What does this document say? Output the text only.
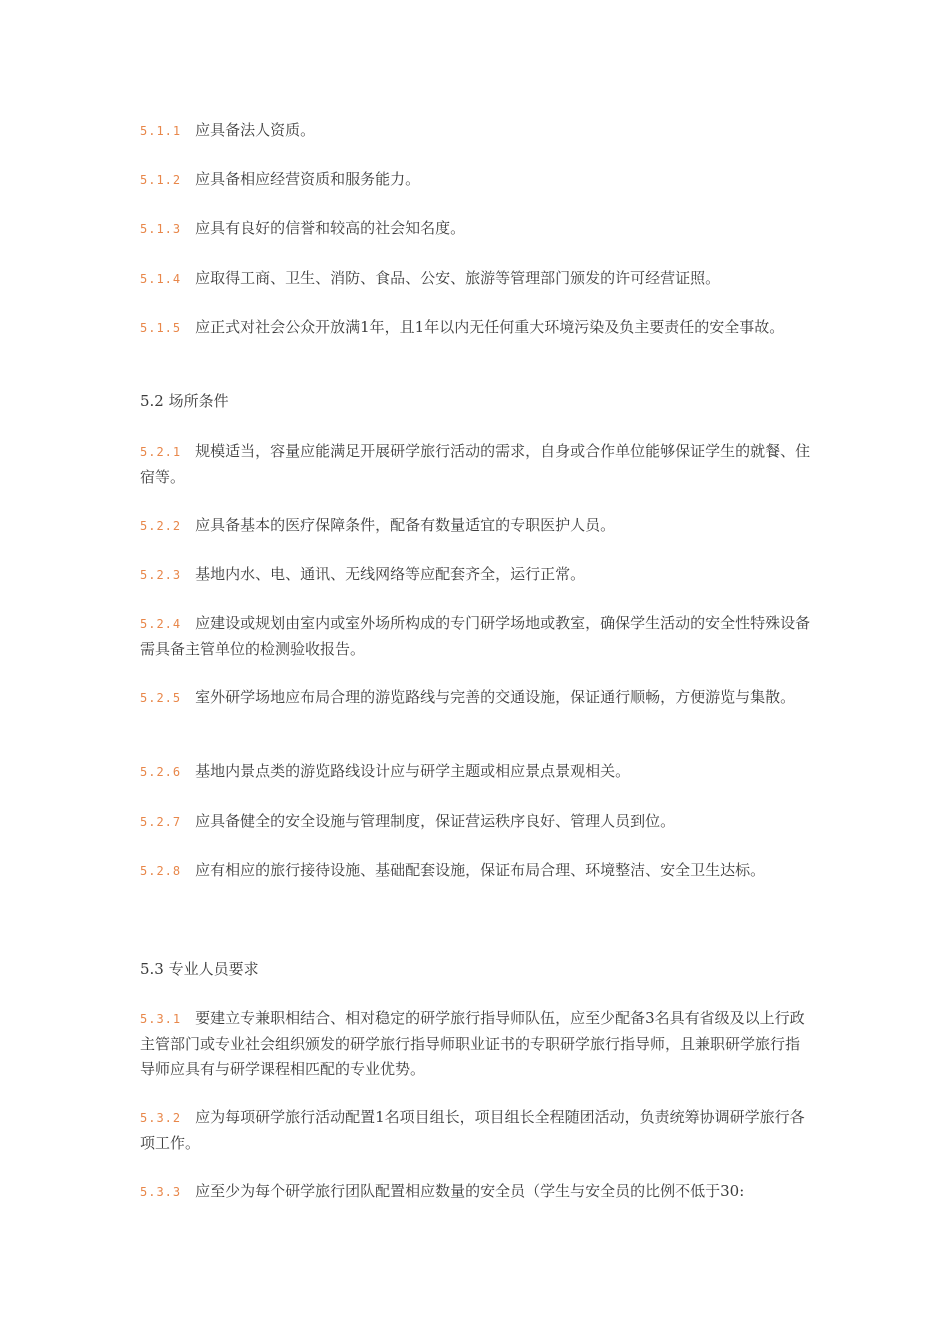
5.1.1 应具备法人资质。
5.1.2 应具备相应经营资质和服务能力。
5.1.3 应具有良好的信誉和较高的社会知名度。
5.1.4 应取得工商、卫生、消防、食品、公安、旅游等管理部门颁发的许可经营证照。
5.1.5 应正式对社会公众开放满1年，且1年以内无任何重大环境污染及负主要责任的安全事故。
5.2 场所条件
5.2.1 规模适当，容量应能满足开展研学旅行活动的需求，自身或合作单位能够保证学生的就餐、住宿等。
5.2.2 应具备基本的医疗保障条件，配备有数量适宜的专职医护人员。
5.2.3 基地内水、电、通讯、无线网络等应配套齐全，运行正常。
5.2.4 应建设或规划由室内或室外场所构成的专门研学场地或教室，确保学生活动的安全性特殊设备需具备主管单位的检测验收报告。
5.2.5 室外研学场地应布局合理的游览路线与完善的交通设施，保证通行顺畅，方便游览与集散。
5.2.6 基地内景点类的游览路线设计应与研学主题或相应景点景观相关。
5.2.7 应具备健全的安全设施与管理制度，保证营运秩序良好、管理人员到位。
5.2.8 应有相应的旅行接待设施、基础配套设施，保证布局合理、环境整洁、安全卫生达标。
5.3 专业人员要求
5.3.1 要建立专兼职相结合、相对稳定的研学旅行指导师队伍，应至少配备3名具有省级及以上行政主管部门或专业社会组织颁发的研学旅行指导师职业证书的专职研学旅行指导师，且兼职研学旅行指导师应具有与研学课程相匹配的专业优势。
5.3.2 应为每项研学旅行活动配置1名项目组长，项目组长全程随团活动，负责统筹协调研学旅行各项工作。
5.3.3 应至少为每个研学旅行团队配置相应数量的安全员（学生与安全员的比例不低于30:
